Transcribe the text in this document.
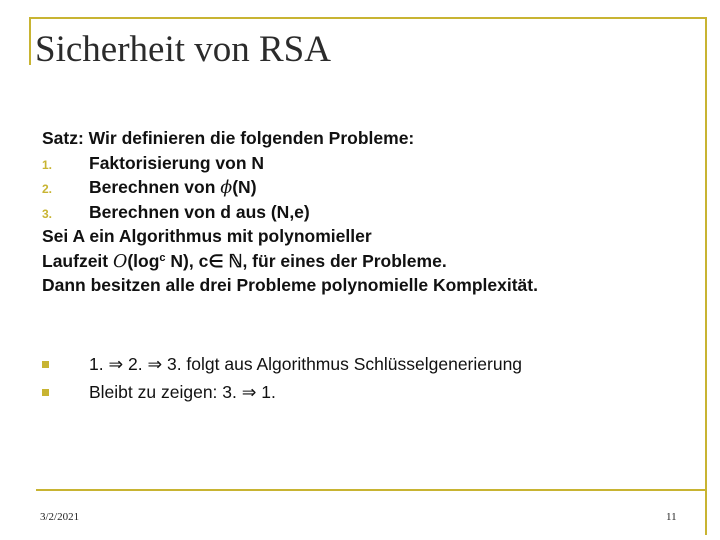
Sicherheit von RSA
Satz: Wir definieren die folgenden Probleme:
1. Faktorisierung von N
2. Berechnen von ϕ(N)
3. Berechnen von d aus (N,e)
Sei A ein Algorithmus mit polynomieller
Laufzeit $O(\log^c$ N), c∈ ℕ, für eines der Probleme.
Dann besitzen alle drei Probleme polynomielle Komplexität.
1. ⇒ 2. ⇒ 3. folgt aus Algorithmus Schlüsselgenerierung
Bleibt zu zeigen: 3. ⇒ 1.
3/2/2021	11
